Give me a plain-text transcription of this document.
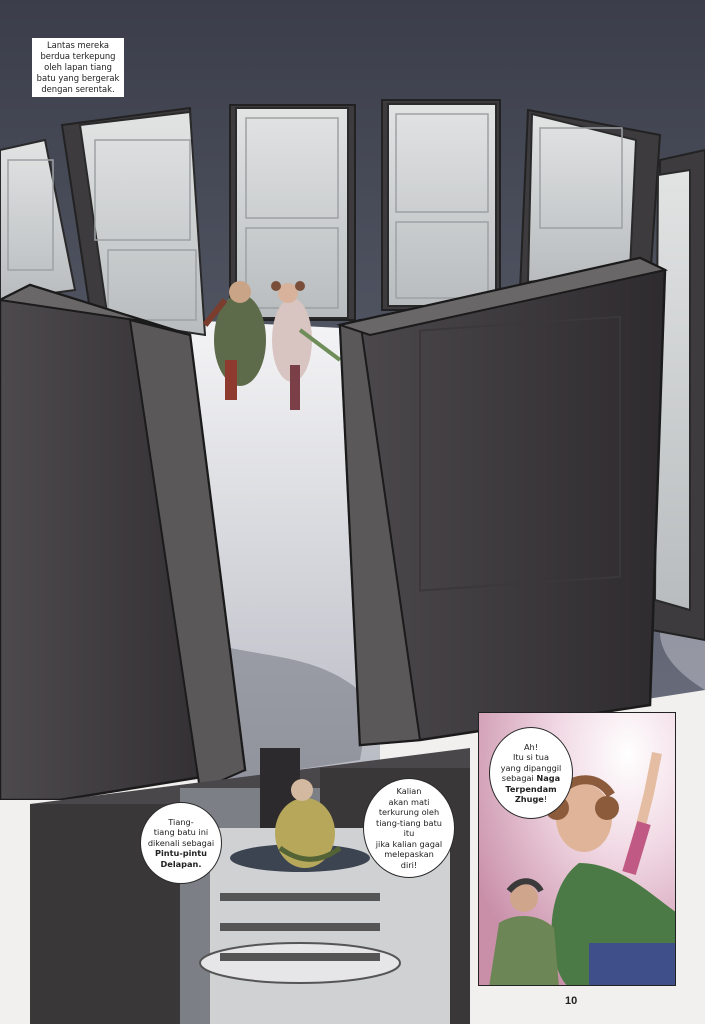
Lantas mereka
berdua terkepung
oleh lapan tiang
batu yang bergerak
dengan serentak.
Tiang-
tiang batu ini
dikenali sebagai
Pintu-pintu
Delapan.
Kalian
akan mati
terkurung oleh
tiang-tiang batu itu
jika kalian gagal
melepaskan
diri!
Ah!
Itu si tua
yang dipanggil
sebagai Naga
Terpendam
Zhuge!
10
